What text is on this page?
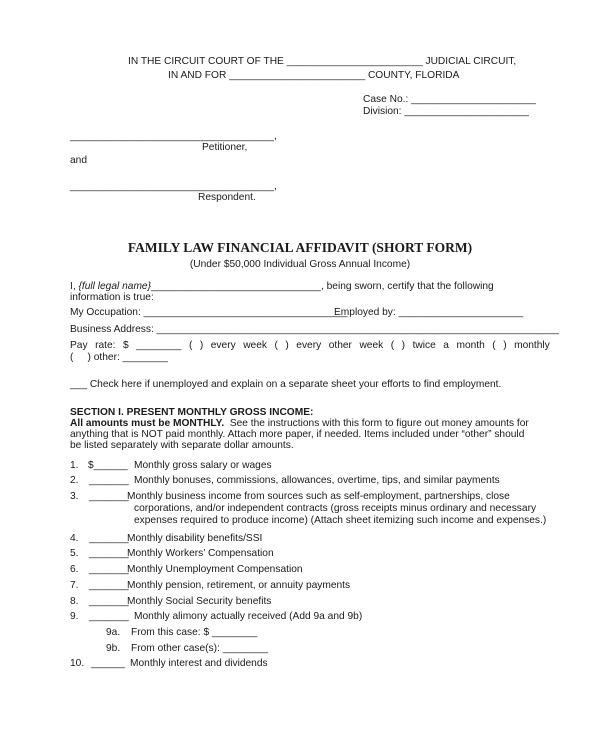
IN THE CIRCUIT COURT OF THE ________________________ JUDICIAL CIRCUIT,
IN AND FOR ________________________ COUNTY, FLORIDA
Case No.: ______________________
Division: ______________________
____________________________________,
Petitioner,
and
____________________________________,
Respondent.
FAMILY LAW FINANCIAL AFFIDAVIT (SHORT FORM)
(Under $50,000 Individual Gross Annual Income)
I, {full legal name}______________________________, being sworn, certify that the following
information is true:
My Occupation: ____________________________________
Employed by: ______________________
Business Address: _______________________________________________________________________
Pay rate: $ ________ ( ) every week ( ) every other week ( ) twice a month ( ) monthly
(     ) other: ________
___ Check here if unemployed and explain on a separate sheet your efforts to find employment.
SECTION I. PRESENT MONTHLY GROSS INCOME:
All amounts must be MONTHLY.  See the instructions with this form to figure out money amounts for
anything that is NOT paid monthly. Attach more paper, if needed. Items included under “other” should
be listed separately with separate dollar amounts.
1. $______ Monthly gross salary or wages
2. _______ Monthly bonuses, commissions, allowances, overtime, tips, and similar payments
3. _______
Monthly business income from sources such as self-employment, partnerships, close
corporations, and/or independent contracts (gross receipts minus ordinary and necessary
expenses required to produce income) (Attach sheet itemizing such income and expenses.)
4. _______
Monthly disability benefits/SSI
5. _______
Monthly Workers’ Compensation
6. _______
Monthly Unemployment Compensation
7. _______
Monthly pension, retirement, or annuity payments
8. _______
Monthly Social Security benefits
9. _______ Monthly alimony actually received (Add 9a and 9b)
9a. From this case: $ ________
9b. From other case(s): ________
10. ______ Monthly interest and dividends
